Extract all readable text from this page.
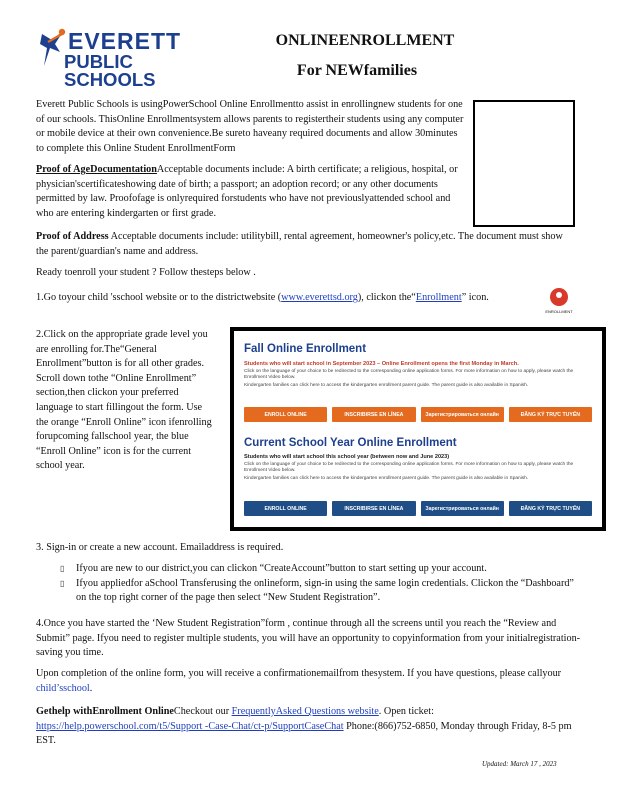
EVERETT
PUBLIC SCHOOLS
ONLINEENROLLMENT
For NEWfamilies

Everett Public Schools is usingPowerSchool Online Enrollmentto assist in enrollingnew students for one of our schools. ThisOnline Enrollmentsystem allows parents to registertheir students using any computer or mobile device at their own convenience.Be sureto haveany required documents and allow 30minutes to complete this Online Student EnrollmentForm

Proof of AgeDocumentationAcceptable documents include: A birth certificate; a religious, hospital, or physician'scertificateshowing date of birth; a passport; an adoption record; or any other documents permitted by law. Proofofage is onlyrequired forstudents who have not previouslyattended school and who are entering kindergarten or first grade.

Proof of Address Acceptable documents include: utilitybill, rental agreement, homeowner's policy,etc. The document must show the parent/guardian's name and address.

Ready toenroll your student ? Follow thesteps below .

1.Go toyour child 'sschool website or to the districtwebsite (www.everettsd.org), clickon the“Enrollment” icon.

ENROLLMENT

2.Click on the appropriate grade level you are enrolling for.The“General Enrollment”button is for all other grades. Scroll down tothe “Online Enrollment” section,then clickon your preferred language to start fillingout the form. Use the orange “Enroll Online” icon ifenrolling forupcoming fallschool year, the blue “Enroll Online” icon is for the current school year.

Fall Online Enrollment
Students who will start school in September 2023 – Online Enrollment opens the first Monday in March.
Click on the language of your choice to be redirected to the corresponding online application forms. For more information on how to apply, please watch the Enrollment Video below.
Kindergarten families can click here to access the kindergarten enrollment parent guide. The parent guide is also available in Spanish.
ENROLL ONLINE	INSCRIBIRSE EN LÍNEA	Зарегистрироваться онлайн	ĐĂNG KÝ TRỰC TUYẾN
Current School Year Online Enrollment
Students who will start school this school year (between now and June 2023)
Click on the language of your choice to be redirected to the corresponding online application forms. For more information on how to apply, please watch the Enrollment Video below.
Kindergarten families can click here to access the kindergarten enrollment parent guide. The parent guide is also available in Spanish.
ENROLL ONLINE	INSCRIBIRSE EN LÍNEA	Зарегистрироваться онлайн	ĐĂNG KÝ TRỰC TUYẾN

3. Sign-in or create a new account. Emailaddress is required.

▯ Ifyou are new to our district,you can clickon “CreateAccount”button to start setting up your account.
▯ Ifyou appliedfor aSchool Transferusing the onlineform, sign-in using the same login credentials. Clickon the “Dashboard” on the top right corner of the page then select “New Student Registration”.

4.Once you have started the ‘New Student Registration”form , continue through all the screens until you reach the “Review and Submit” page. Ifyou need to register multiple students, you will have an opportunity to copyinformation from your initialregistration-saving you time.

Upon completion of the online form, you will receive a confirmationemailfrom thesystem. If you have questions, please callyour child’sschool.

Gethelp withEnrollment OnlineCheckout our FrequentlyAsked Questions website. Open ticket:
https://help.powerschool.com/t5/Support -Case-Chat/ct-p/SupportCaseChat Phone:(866)752-6850, Monday through Friday, 8-5 pm EST.

Updated: March 17 , 2023
